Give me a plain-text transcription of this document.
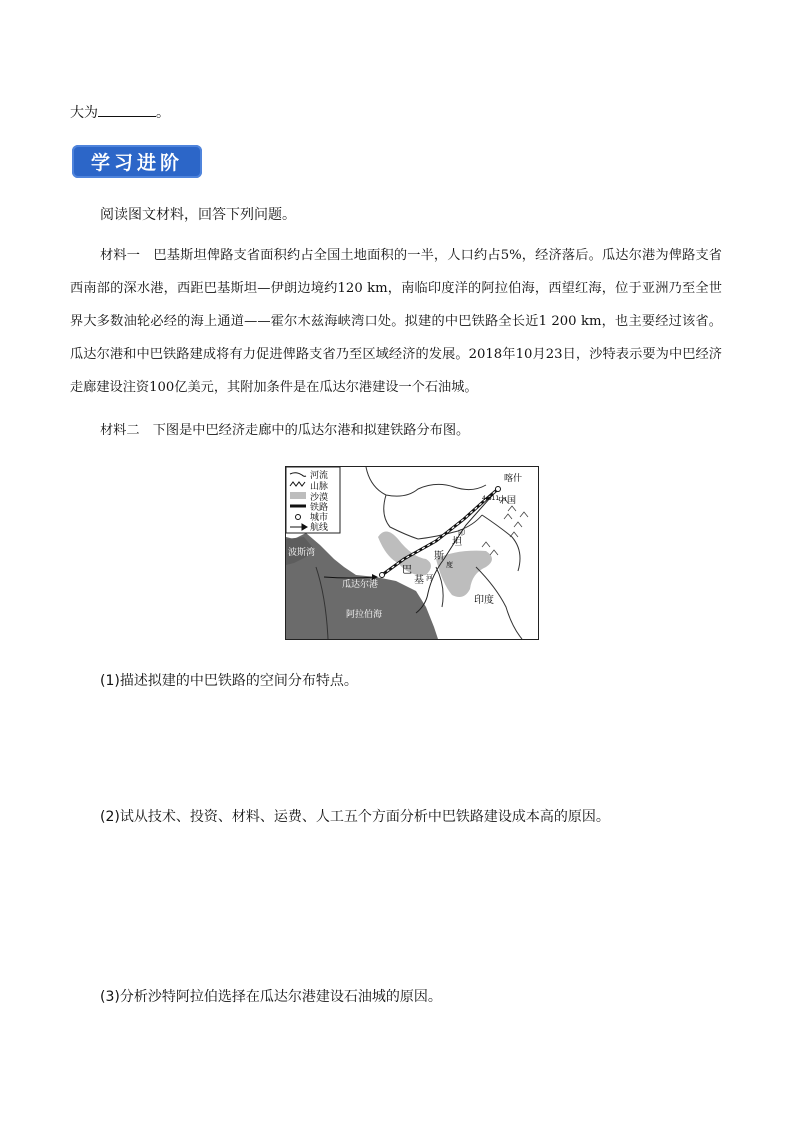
大为	。
学习进阶
阅读图文材料，回答下列问题。

材料一　巴基斯坦俾路支省面积约占全国土地面积的一半，人口约占5%，经济落后。瓜达尔港为俾路支省西南部的深水港，西距巴基斯坦—伊朗边境约120 km，南临印度洋的阿拉伯海，西望红海，位于亚洲乃至全世界大多数油轮必经的海上通道——霍尔木兹海峡湾口处。拟建的中巴铁路全长近1 200 km，也主要经过该省。瓜达尔港和中巴铁路建成将有力促进俾路支省乃至区域经济的发展。2018年10月23日，沙特表示要为中巴经济走廊建设注资100亿美元，其附加条件是在瓜达尔港建设一个石油城。

材料二　下图是中巴经济走廊中的瓜达尔港和拟建铁路分布图。

河流
山脉
沙漠
铁路
城市
航线
喀什
4 611
中国
巴
基
斯
坦
印
度
河
波斯湾
瓜达尔港
阿拉伯海
印度
(1)描述拟建的中巴铁路的空间分布特点。
(2)试从技术、投资、材料、运费、人工五个方面分析中巴铁路建设成本高的原因。
(3)分析沙特阿拉伯选择在瓜达尔港建设石油城的原因。
